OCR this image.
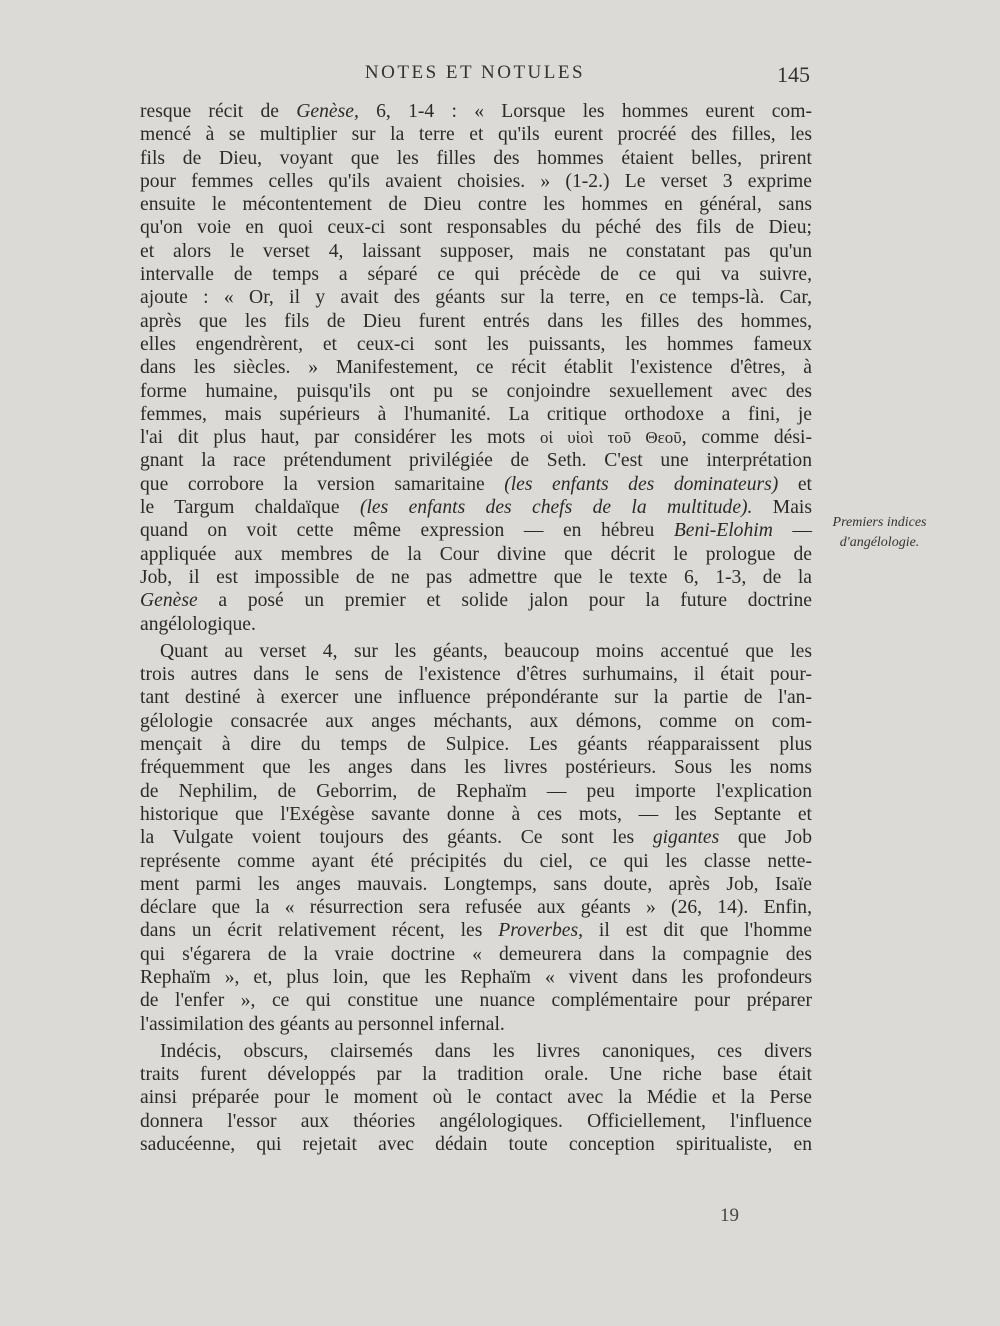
NOTES ET NOTULES	145
resque récit de Genèse, 6, 1-4 : « Lorsque les hommes eurent com-
mencé à se multiplier sur la terre et qu'ils eurent procréé des filles, les
fils de Dieu, voyant que les filles des hommes étaient belles, prirent
pour femmes celles qu'ils avaient choisies. » (1-2.) Le verset 3 exprime
ensuite le mécontentement de Dieu contre les hommes en général, sans
qu'on voie en quoi ceux-ci sont responsables du péché des fils de Dieu;
et alors le verset 4, laissant supposer, mais ne constatant pas qu'un
intervalle de temps a séparé ce qui précède de ce qui va suivre,
ajoute : « Or, il y avait des géants sur la terre, en ce temps-là. Car,
après que les fils de Dieu furent entrés dans les filles des hommes,
elles engendrèrent, et ceux-ci sont les puissants, les hommes fameux
dans les siècles. » Manifestement, ce récit établit l'existence d'êtres, à
forme humaine, puisqu'ils ont pu se conjoindre sexuellement avec des
femmes, mais supérieurs à l'humanité. La critique orthodoxe a fini, je
l'ai dit plus haut, par considérer les mots οἱ υἱοὶ τοῦ Θεοῦ, comme dési-
gnant la race prétendument privilégiée de Seth. C'est une interprétation
que corrobore la version samaritaine (les enfants des dominateurs) et
le Targum chaldaïque (les enfants des chefs de la multitude). Mais
quand on voit cette même expression — en hébreu Beni-Elohim —
appliquée aux membres de la Cour divine que décrit le prologue de
Job, il est impossible de ne pas admettre que le texte 6, 1-3, de la
Genèse a posé un premier et solide jalon pour la future doctrine
angélologique.
Quant au verset 4, sur les géants, beaucoup moins accentué que les
trois autres dans le sens de l'existence d'êtres surhumains, il était pour-
tant destiné à exercer une influence prépondérante sur la partie de l'an-
gélologie consacrée aux anges méchants, aux démons, comme on com-
mençait à dire du temps de Sulpice. Les géants réapparaissent plus
fréquemment que les anges dans les livres postérieurs. Sous les noms
de Nephilim, de Geborrim, de Rephaïm — peu importe l'explication
historique que l'Exégèse savante donne à ces mots, — les Septante et
la Vulgate voient toujours des géants. Ce sont les gigantes que Job
représente comme ayant été précipités du ciel, ce qui les classe nette-
ment parmi les anges mauvais. Longtemps, sans doute, après Job, Isaïe
déclare que la « résurrection sera refusée aux géants » (26, 14). Enfin,
dans un écrit relativement récent, les Proverbes, il est dit que l'homme
qui s'égarera de la vraie doctrine « demeurera dans la compagnie des
Rephaïm », et, plus loin, que les Rephaïm « vivent dans les profondeurs
de l'enfer », ce qui constitue une nuance complémentaire pour préparer
l'assimilation des géants au personnel infernal.
Indécis, obscurs, clairsemés dans les livres canoniques, ces divers
traits furent développés par la tradition orale. Une riche base était
ainsi préparée pour le moment où le contact avec la Médie et la Perse
donnera l'essor aux théories angélologiques. Officiellement, l'influence
saducéenne, qui rejetait avec dédain toute conception spiritualiste, en
Premiers indices
d'angélologie.
19
